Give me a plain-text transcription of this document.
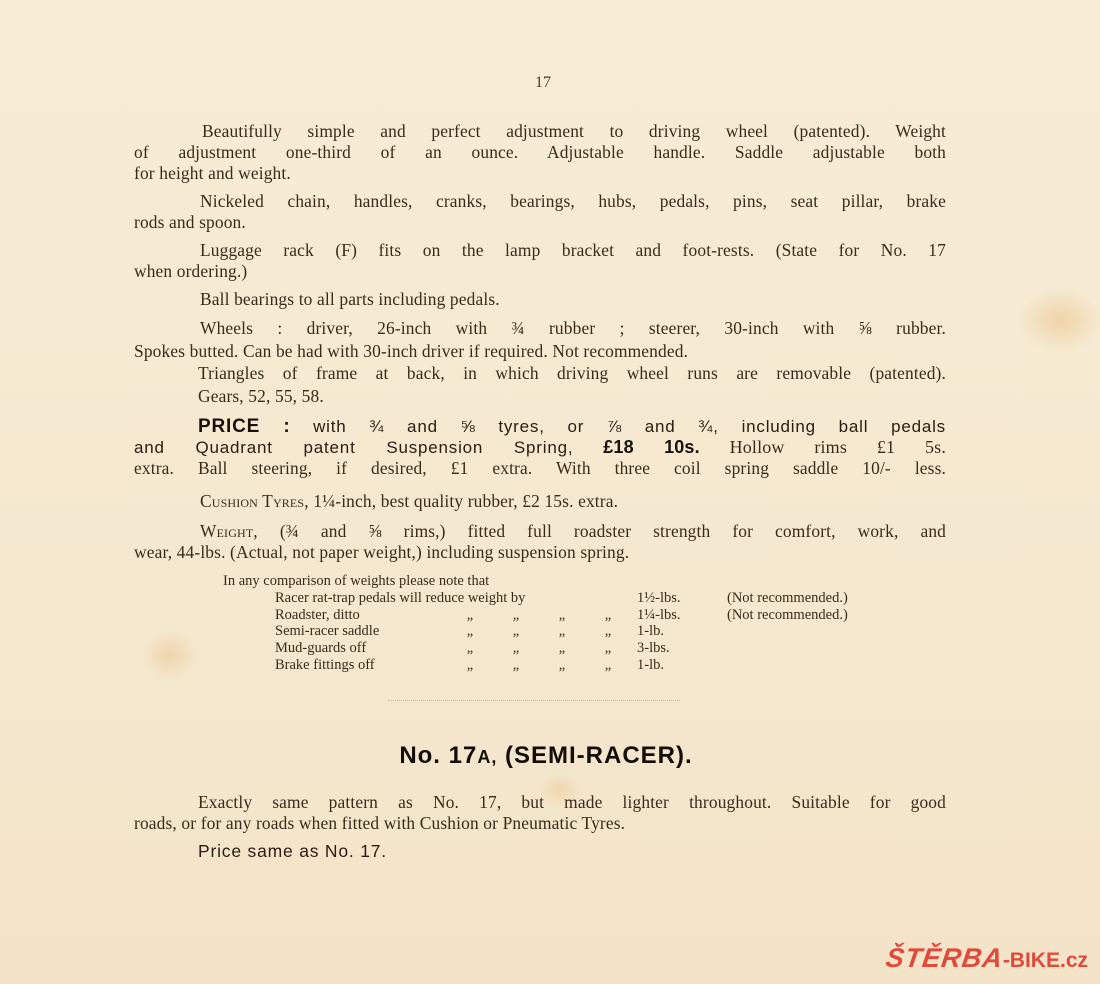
17
Beautifully simple and perfect adjustment to driving wheel (patented). Weight
of adjustment one-third of an ounce. Adjustable handle. Saddle adjustable both
for height and weight.
Nickeled chain, handles, cranks, bearings, hubs, pedals, pins, seat pillar, brake
rods and spoon.
Luggage rack (F) fits on the lamp bracket and foot-rests. (State for No. 17
when ordering.)
Ball bearings to all parts including pedals.
Wheels : driver, 26-inch with ¾ rubber ; steerer, 30-inch with ⅝ rubber.
Spokes butted. Can be had with 30-inch driver if required. Not recommended.
Triangles of frame at back, in which driving wheel runs are removable (patented).
Gears, 52, 55, 58.
PRICE : with ¾ and ⅝ tyres, or ⅞ and ¾, including ball pedals
and Quadrant patent Suspension Spring, £18 10s. Hollow rims £1 5s.
extra. Ball steering, if desired, £1 extra. With three coil spring saddle 10/- less.
Cushion Tyres, 1¼-inch, best quality rubber, £2 15s. extra.
Weight, (¾ and ⅝ rims,) fitted full roadster strength for comfort, work, and
wear, 44-lbs. (Actual, not paper weight,) including suspension spring.
In any comparison of weights please note that
Racer rat-trap pedals will reduce weight by	1½-lbs.	(Not recommended.)
Roadster, ditto	„	„	„	„	1¼-lbs.	(Not recommended.)
Semi-racer saddle	„	„	„	„	1-lb.
Mud-guards off	„	„	„	„	3-lbs.
Brake fittings off	„	„	„	„	1-lb.
No. 17A, (SEMI-RACER).
Exactly same pattern as No. 17, but made lighter throughout. Suitable for good
roads, or for any roads when fitted with Cushion or Pneumatic Tyres.
Price same as No. 17.
ŠTĚRBA
-BIKE.cz
